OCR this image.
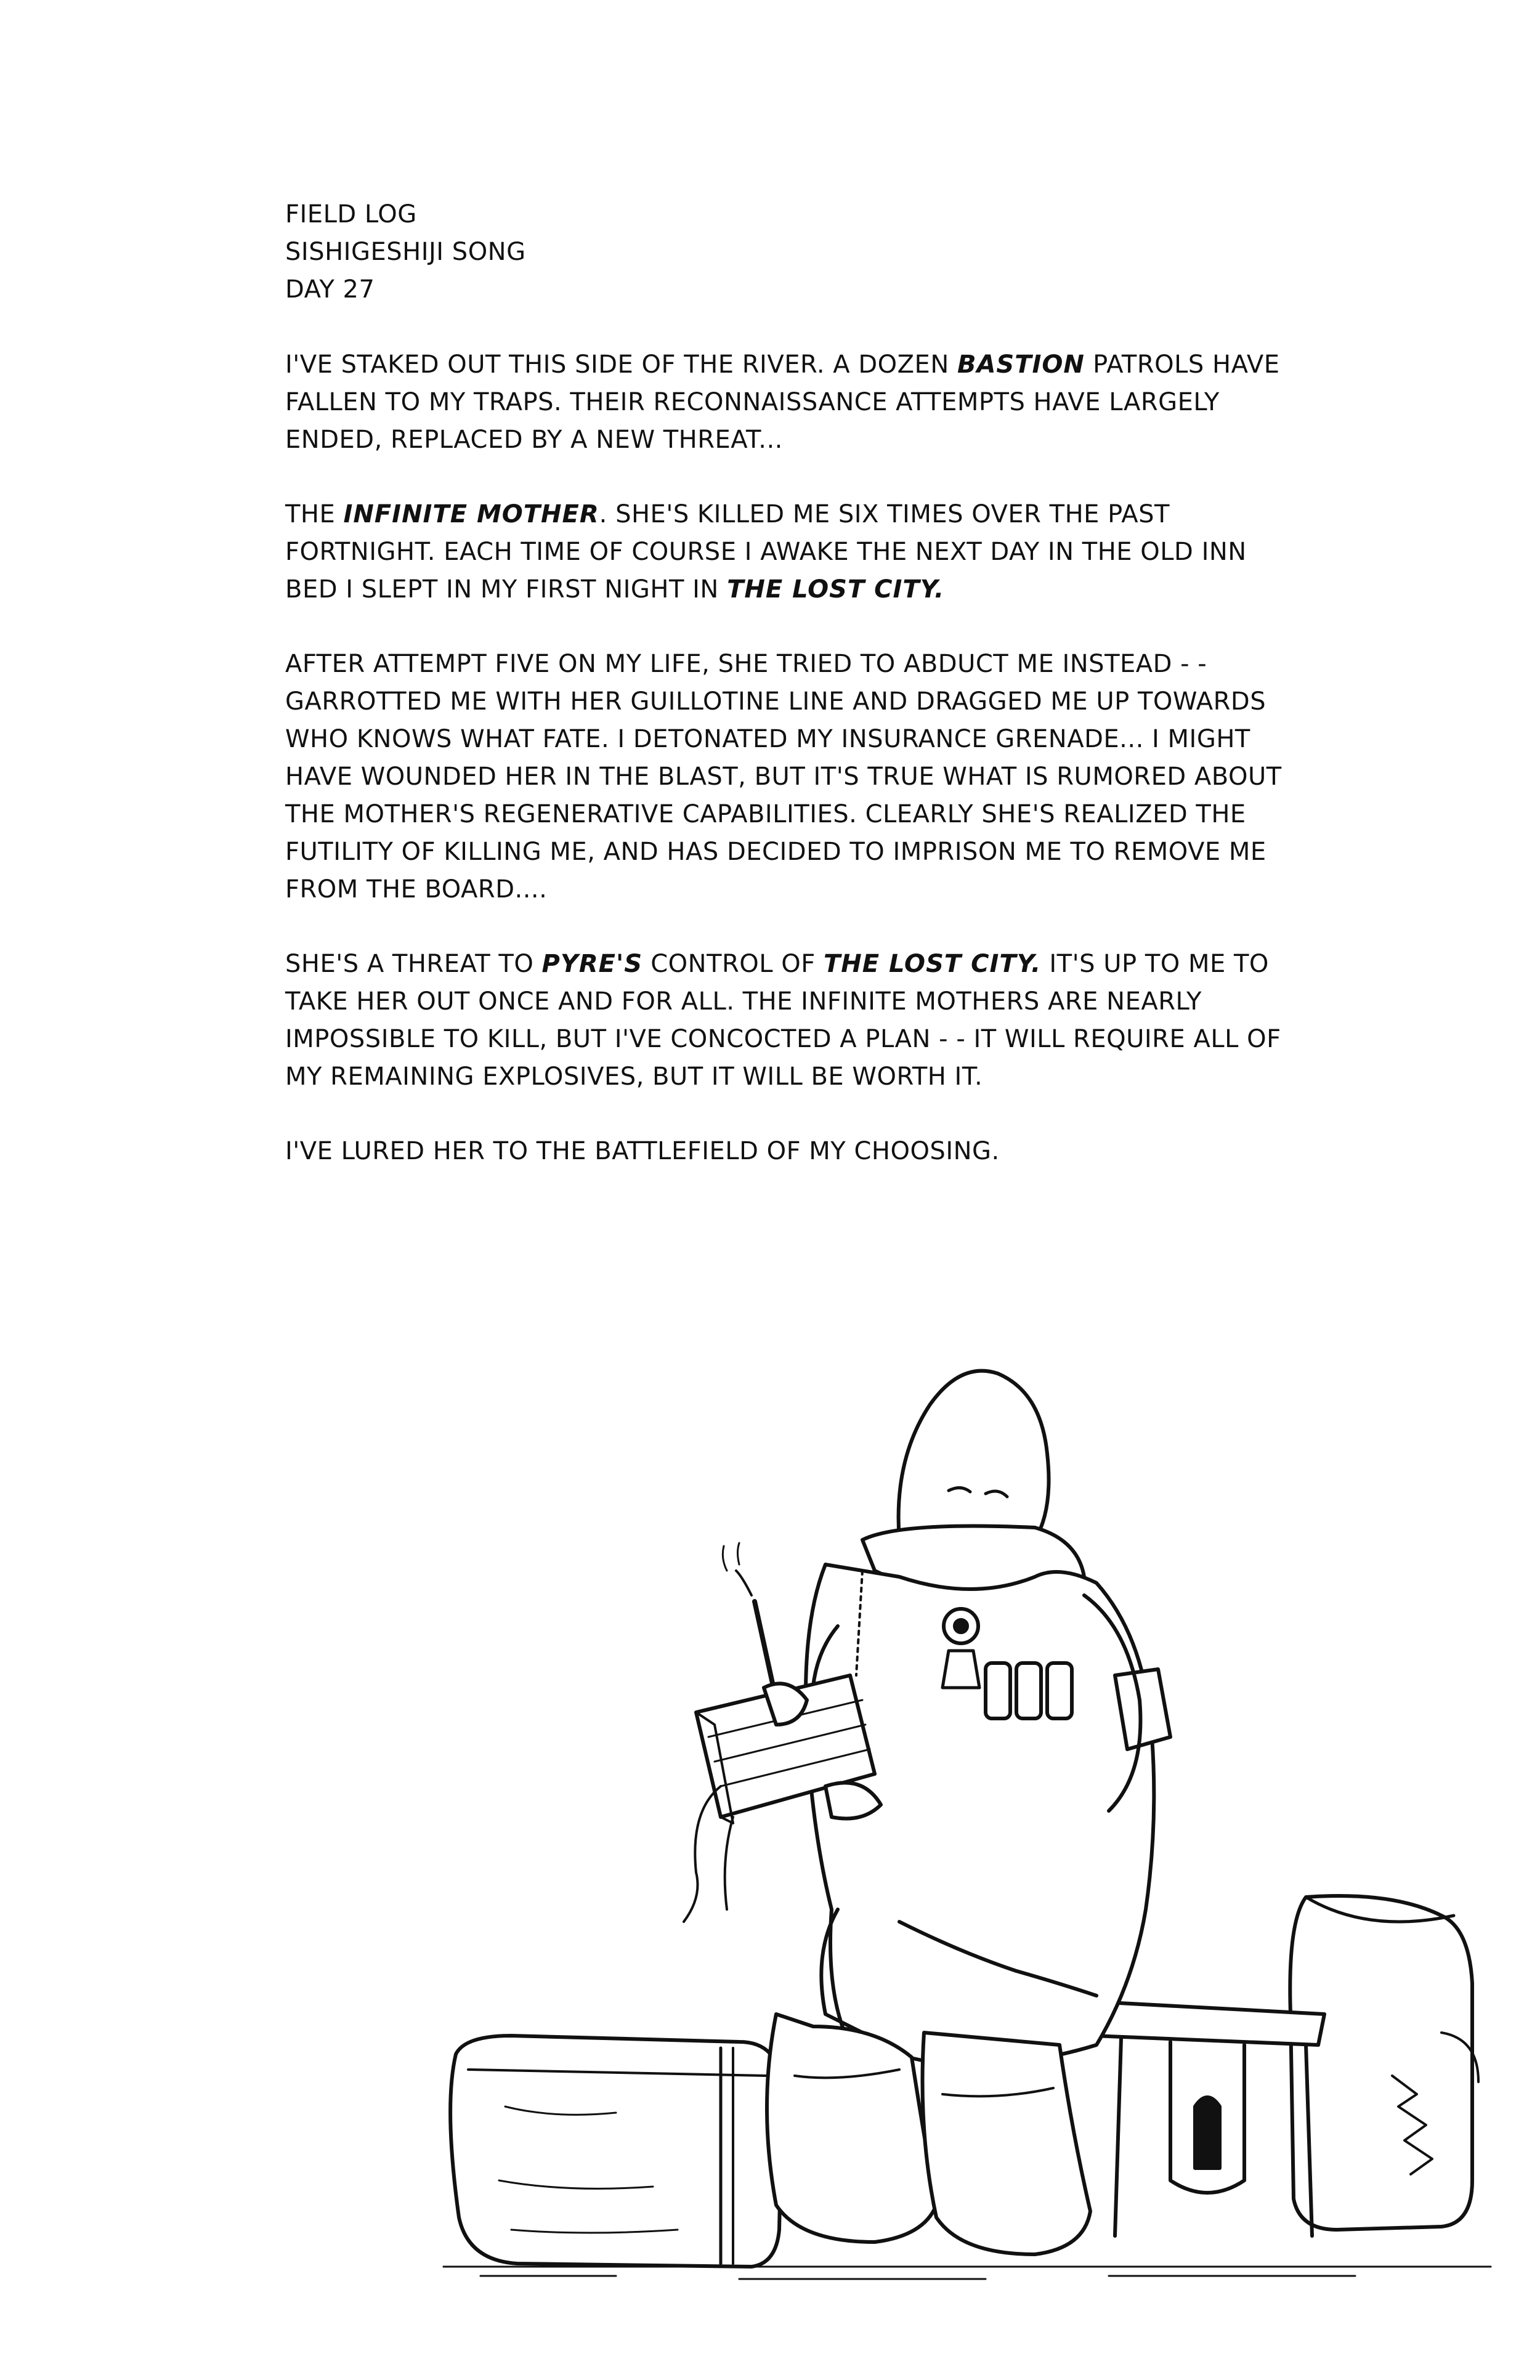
FIELD LOG
SISHIGESHIJI SONG
DAY 27

I'VE STAKED OUT THIS SIDE OF THE RIVER. A DOZEN BASTION PATROLS HAVE FALLEN TO MY TRAPS. THEIR RECONNAISSANCE ATTEMPTS HAVE LARGELY ENDED, REPLACED BY A NEW THREAT...

THE INFINITE MOTHER. SHE'S KILLED ME SIX TIMES OVER THE PAST FORTNIGHT. EACH TIME OF COURSE I AWAKE THE NEXT DAY IN THE OLD INN BED I SLEPT IN MY FIRST NIGHT IN THE LOST CITY.

AFTER ATTEMPT FIVE ON MY LIFE, SHE TRIED TO ABDUCT ME INSTEAD - - GARROTTED ME WITH HER GUILLOTINE LINE AND DRAGGED ME UP TOWARDS WHO KNOWS WHAT FATE. I DETONATED MY INSURANCE GRENADE... I MIGHT HAVE WOUNDED HER IN THE BLAST, BUT IT'S TRUE WHAT IS RUMORED ABOUT THE MOTHER'S REGENERATIVE CAPABILITIES. CLEARLY SHE'S REALIZED THE FUTILITY OF KILLING ME, AND HAS DECIDED TO IMPRISON ME TO REMOVE ME FROM THE BOARD....

SHE'S A THREAT TO PYRE'S CONTROL OF THE LOST CITY. IT'S UP TO ME TO TAKE HER OUT ONCE AND FOR ALL. THE INFINITE MOTHERS ARE NEARLY IMPOSSIBLE TO KILL, BUT I'VE CONCOCTED A PLAN - - IT WILL REQUIRE ALL OF MY REMAINING EXPLOSIVES, BUT IT WILL BE WORTH IT.

I'VE LURED HER TO THE BATTLEFIELD OF MY CHOOSING.
